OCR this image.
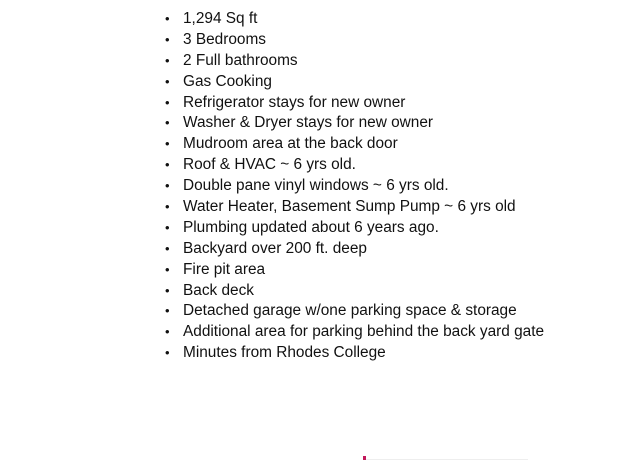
• 1,294 Sq ft
• 3 Bedrooms
• 2 Full bathrooms
• Gas Cooking
• Refrigerator stays for new owner
• Washer & Dryer stays for new owner
• Mudroom area at the back door
• Roof & HVAC ~ 6 yrs old.
• Double pane vinyl windows ~ 6 yrs old.
• Water Heater, Basement Sump Pump ~ 6 yrs old
• Plumbing updated about 6 years ago.
• Backyard over 200 ft. deep
• Fire pit area
• Back deck
• Detached garage w/one parking space & storage
• Additional area for parking behind the back yard gate
• Minutes from Rhodes College
